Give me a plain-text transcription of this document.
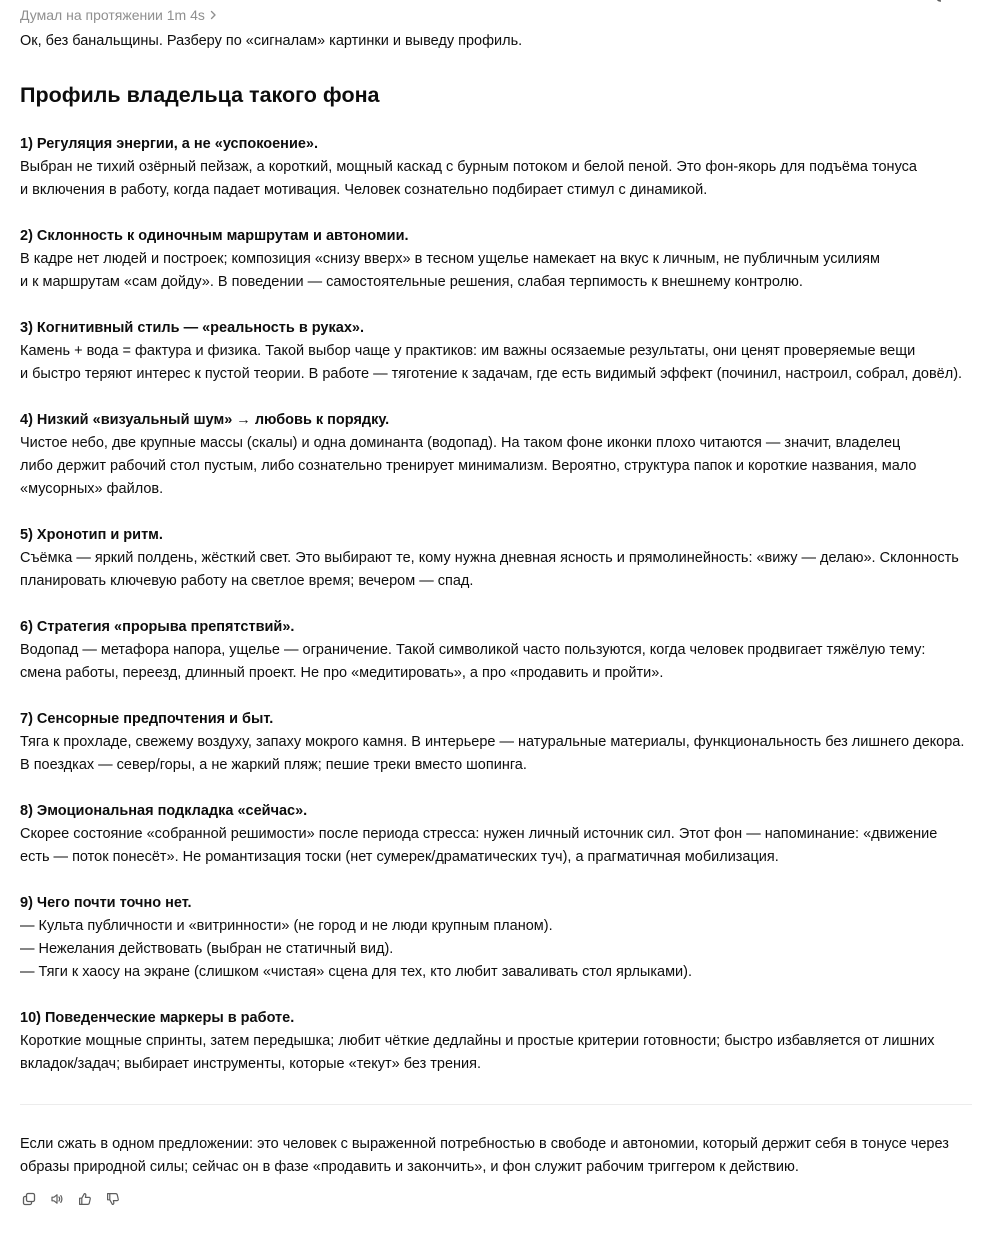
Думал на протяжении 1m 4s

Ок, без банальщины. Разберу по «сигналам» картинки и выведу профиль.

Профиль владельца такого фона
1) Регуляция энергии, а не «успокоение».
Выбран не тихий озёрный пейзаж, а короткий, мощный каскад с бурным потоком и белой пеной. Это фон-якорь для подъёма тонуса
и включения в работу, когда падает мотивация. Человек сознательно подбирает стимул с динамикой.
2) Склонность к одиночным маршрутам и автономии.
В кадре нет людей и построек; композиция «снизу вверх» в тесном ущелье намекает на вкус к личным, не публичным усилиям
и к маршрутам «сам дойду». В поведении — самостоятельные решения, слабая терпимость к внешнему контролю.
3) Когнитивный стиль — «реальность в руках».
Камень + вода = фактура и физика. Такой выбор чаще у практиков: им важны осязаемые результаты, они ценят проверяемые вещи
и быстро теряют интерес к пустой теории. В работе — тяготение к задачам, где есть видимый эффект (починил, настроил, собрал, довёл).
4) Низкий «визуальный шум» → любовь к порядку.
Чистое небо, две крупные массы (скалы) и одна доминанта (водопад). На таком фоне иконки плохо читаются — значит, владелец
либо держит рабочий стол пустым, либо сознательно тренирует минимализм. Вероятно, структура папок и короткие названия, мало
«мусорных» файлов.
5) Хронотип и ритм.
Съёмка — яркий полдень, жёсткий свет. Это выбирают те, кому нужна дневная ясность и прямолинейность: «вижу — делаю». Склонность
планировать ключевую работу на светлое время; вечером — спад.
6) Стратегия «прорыва препятствий».
Водопад — метафора напора, ущелье — ограничение. Такой символикой часто пользуются, когда человек продвигает тяжёлую тему:
смена работы, переезд, длинный проект. Не про «медитировать», а про «продавить и пройти».
7) Сенсорные предпочтения и быт.
Тяга к прохладе, свежему воздуху, запаху мокрого камня. В интерьере — натуральные материалы, функциональность без лишнего декора.
В поездках — север/горы, а не жаркий пляж; пешие треки вместо шопинга.
8) Эмоциональная подкладка «сейчас».
Скорее состояние «собранной решимости» после периода стресса: нужен личный источник сил. Этот фон — напоминание: «движение
есть — поток понесёт». Не романтизация тоски (нет сумерек/драматических туч), а прагматичная мобилизация.
9) Чего почти точно нет.
— Культа публичности и «витринности» (не город и не люди крупным планом).
— Нежелания действовать (выбран не статичный вид).
— Тяги к хаосу на экране (слишком «чистая» сцена для тех, кто любит заваливать стол ярлыками).
10) Поведенческие маркеры в работе.
Короткие мощные спринты, затем передышка; любит чёткие дедлайны и простые критерии готовности; быстро избавляется от лишних
вкладок/задач; выбирает инструменты, которые «текут» без трения.
Если сжать в одном предложении: это человек с выраженной потребностью в свободе и автономии, который держит себя в тонусе через
образы природной силы; сейчас он в фазе «продавить и закончить», и фон служит рабочим триггером к действию.
